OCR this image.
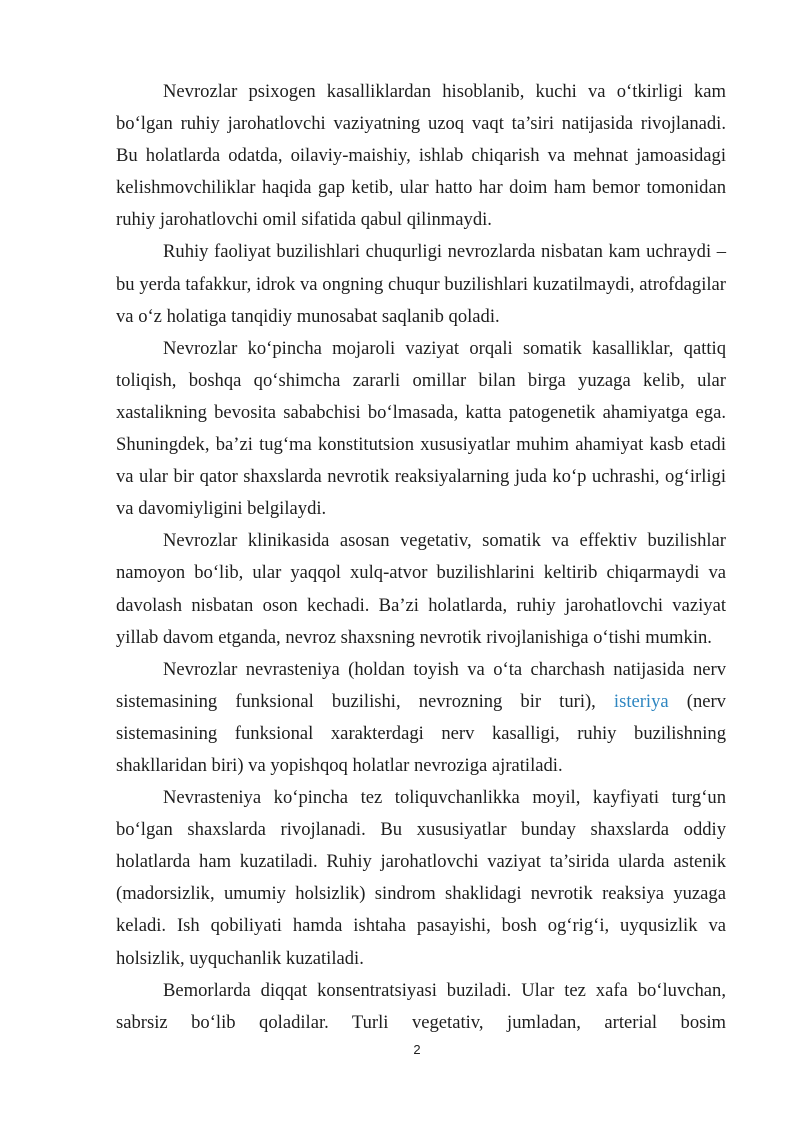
Nevrozlar psixogen kasalliklardan hisoblanib, kuchi va o‘tkirligi kam bo‘lgan ruhiy jarohatlovchi vaziyatning uzoq vaqt ta’siri natijasida rivojlanadi. Bu holatlarda odatda, oilaviy-maishiy, ishlab chiqarish va mehnat jamoasidagi kelishmovchiliklar haqida gap ketib, ular hatto har doim ham bemor tomonidan ruhiy jarohatlovchi omil sifatida qabul qilinmaydi.

Ruhiy faoliyat buzilishlari chuqurligi nevrozlarda nisbatan kam uchraydi – bu yerda tafakkur, idrok va ongning chuqur buzilishlari kuzatilmaydi, atrofdagilar va o‘z holatiga tanqidiy munosabat saqlanib qoladi.

Nevrozlar ko‘pincha mojaroli vaziyat orqali somatik kasalliklar, qattiq toliqish, boshqa qo‘shimcha zararli omillar bilan birga yuzaga kelib, ular xastalikning bevosita sababchisi bo‘lmasada, katta patogenetik ahamiyatga ega. Shuningdek, ba’zi tug‘ma konstitutsion xususiyatlar muhim ahamiyat kasb etadi va ular bir qator shaxslarda nevrotik reaksiyalarning juda ko‘p uchrashi, og‘irligi va davomiyligini belgilaydi.

Nevrozlar klinikasida asosan vegetativ, somatik va effektiv buzilishlar namoyon bo‘lib, ular yaqqol xulq-atvor buzilishlarini keltirib chiqarmaydi va davolash nisbatan oson kechadi. Ba’zi holatlarda, ruhiy jarohatlovchi vaziyat yillab davom etganda, nevroz shaxsning nevrotik rivojlanishiga o‘tishi mumkin.

Nevrozlar nevrasteniya (holdan toyish va o‘ta charchash natijasida nerv sistemasining funksional buzilishi, nevrozning bir turi), isteriya (nerv sistemasining funksional xarakterdagi nerv kasalligi, ruhiy buzilishning shakllaridan biri) va yopishqoq holatlar nevroziga ajratiladi.

Nevrasteniya ko‘pincha tez toliquvchanlikka moyil, kayfiyati turg‘un bo‘lgan shaxslarda rivojlanadi. Bu xususiyatlar bunday shaxslarda oddiy holatlarda ham kuzatiladi. Ruhiy jarohatlovchi vaziyat ta’sirida ularda astenik (madorsizlik, umumiy holsizlik) sindrom shaklidagi nevrotik reaksiya yuzaga keladi. Ish qobiliyati hamda ishtaha pasayishi, bosh og‘rig‘i, uyqusizlik va holsizlik, uyquchanlik kuzatiladi.

Bemorlarda diqqat konsentratsiyasi buziladi. Ular tez xafa bo‘luvchan, sabrsiz bo‘lib qoladilar. Turli vegetativ, jumladan, arterial bosim

2
